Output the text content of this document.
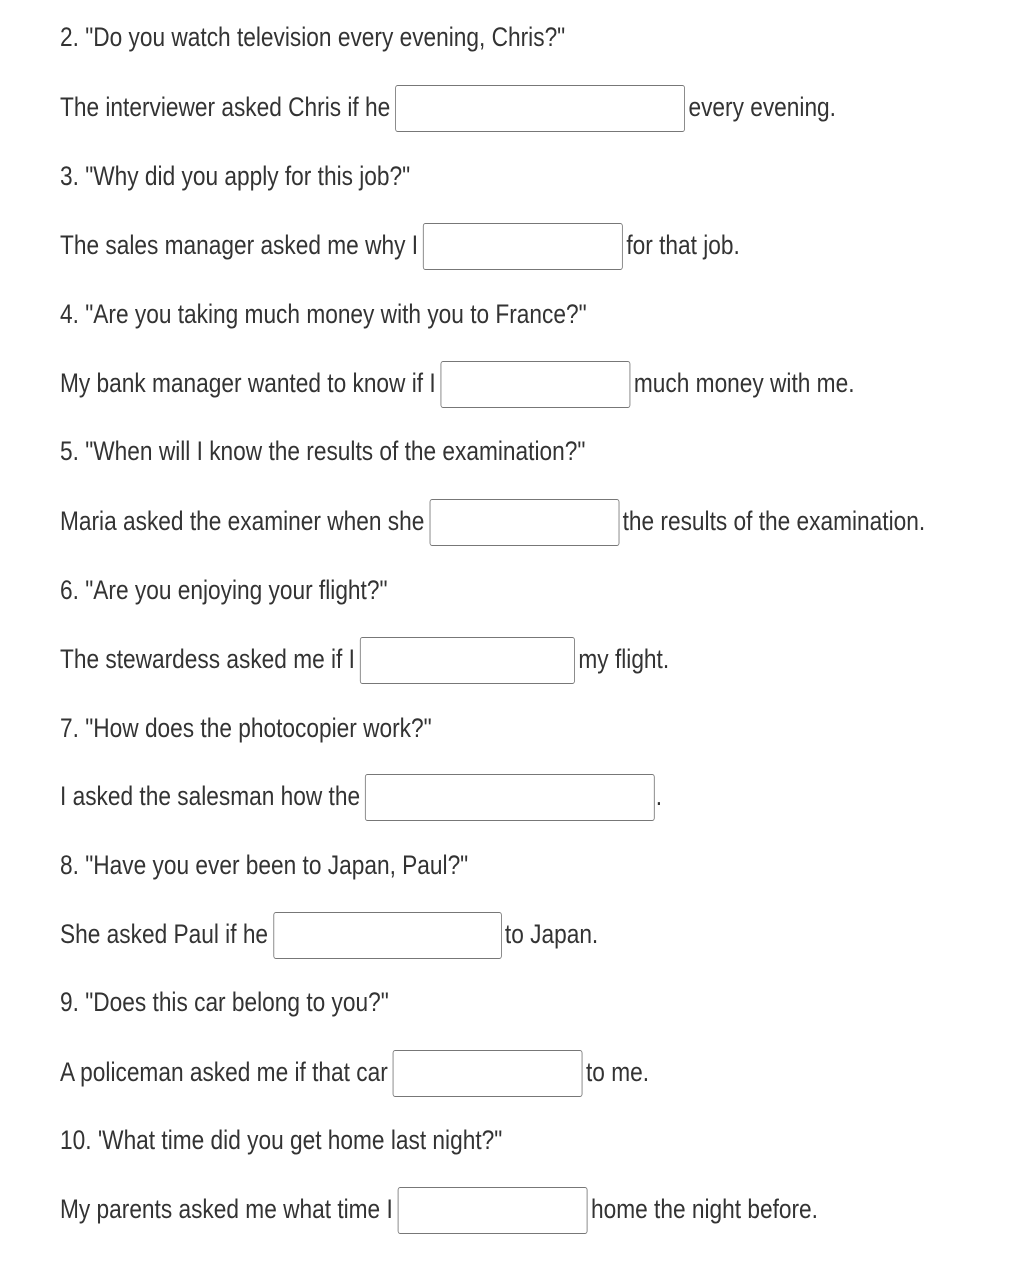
2. "Do you watch television every evening, Chris?"
The interviewer asked Chris if he	every evening.
3. "Why did you apply for this job?"
The sales manager asked me why I	for that job.
4. "Are you taking much money with you to France?"
My bank manager wanted to know if I	much money with me.
5. "When will I know the results of the examination?"
Maria asked the examiner when she	the results of the examination.
6. "Are you enjoying your flight?"
The stewardess asked me if I	my flight.
7. "How does the photocopier work?"
I asked the salesman how the	.
8. "Have you ever been to Japan, Paul?"
She asked Paul if he	to Japan.
9. "Does this car belong to you?"
A policeman asked me if that car	to me.
10. 'What time did you get home last night?"
My parents asked me what time I	home the night before.
